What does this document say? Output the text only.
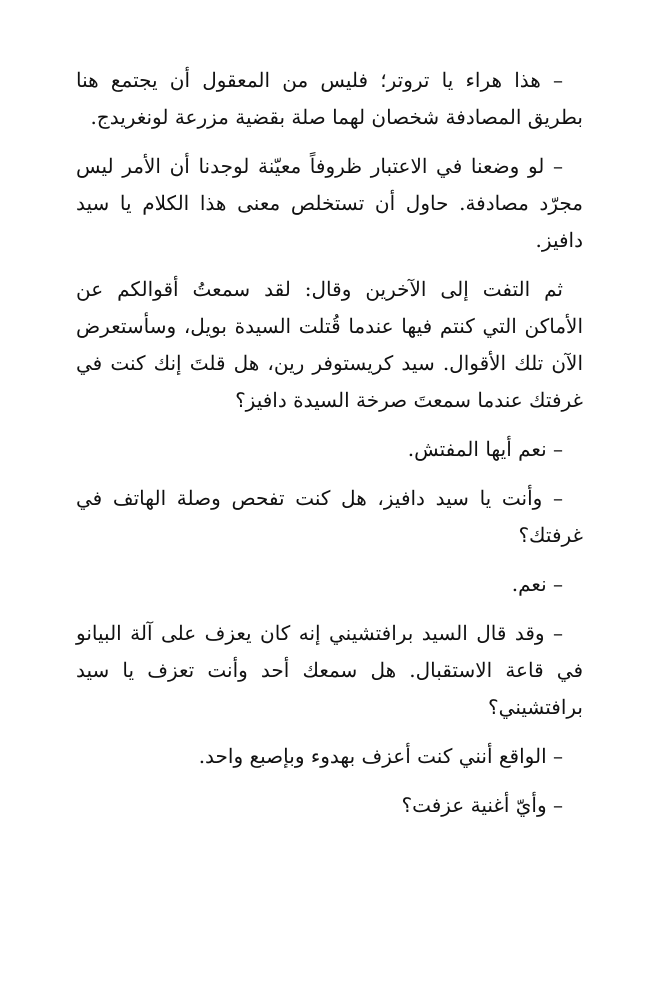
– هذا هراء يا تروتر؛ فليس من المعقول أن يجتمع هنا بطريق المصادفة شخصان لهما صلة بقضية مزرعة لونغريدج.

– لو وضعنا في الاعتبار ظروفاً معيّنة لوجدنا أن الأمر ليس مجرّد مصادفة. حاول أن تستخلص معنى هذا الكلام يا سيد دافيز.

ثم التفت إلى الآخرين وقال: لقد سمعتُ أقوالكم عن الأماكن التي كنتم فيها عندما قُتلت السيدة بويل، وسأستعرض الآن تلك الأقوال. سيد كريستوفر رين، هل قلتَ إنك كنت في غرفتك عندما سمعتَ صرخة السيدة دافيز؟

– نعم أيها المفتش.

– وأنت يا سيد دافيز، هل كنت تفحص وصلة الهاتف في غرفتك؟

– نعم.

– وقد قال السيد برافتشيني إنه كان يعزف على آلة البيانو في قاعة الاستقبال. هل سمعك أحد وأنت تعزف يا سيد برافتشيني؟

– الواقع أنني كنت أعزف بهدوء وبإصبع واحد.

– وأيّ أغنية عزفت؟
